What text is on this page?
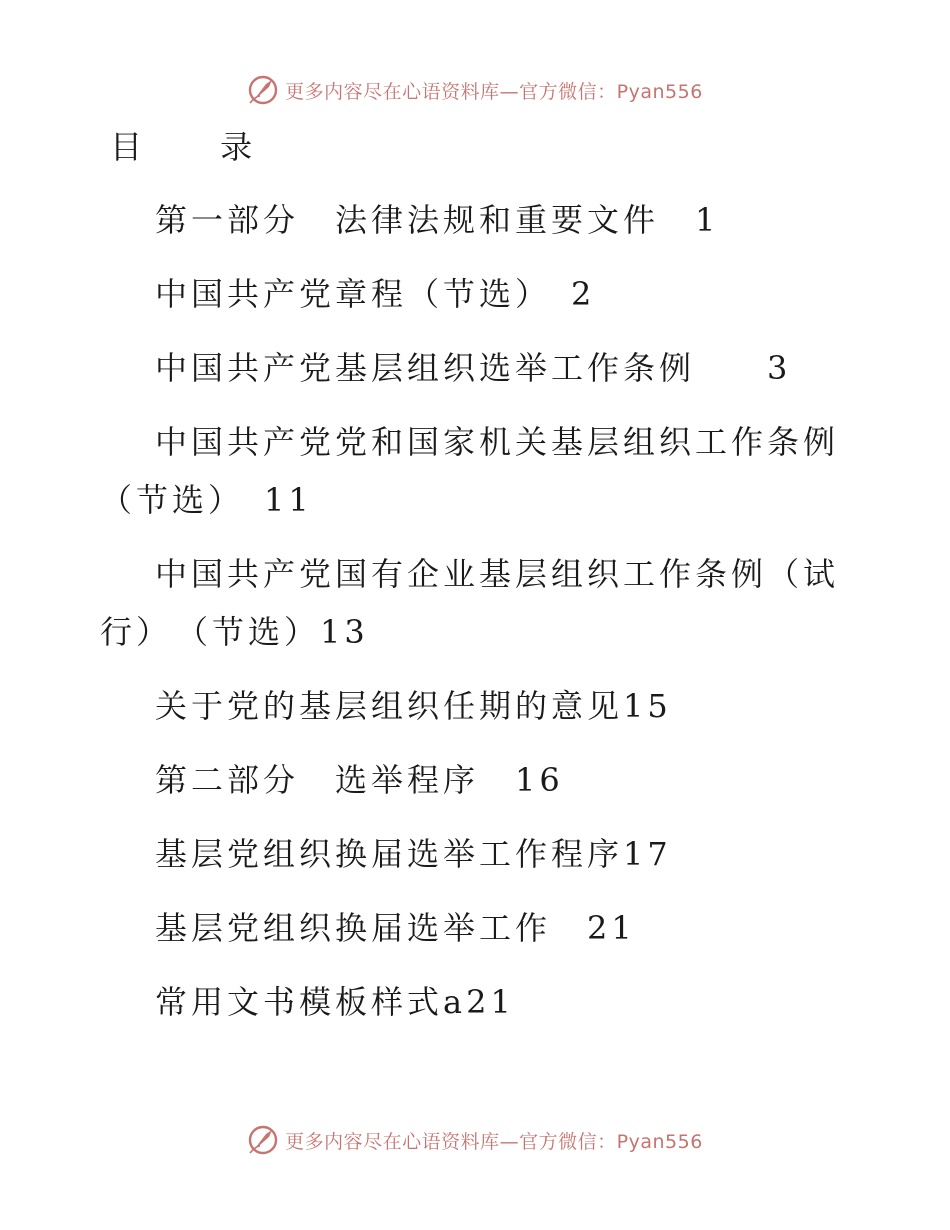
更多内容尽在心语资料库—官方微信：Pyan556
目 录
第一部分　法律法规和重要文件　1
中国共产党章程（节选）　2
中国共产党基层组织选举工作条例　　3
中国共产党党和国家机关基层组织工作条例
（节选）　11
中国共产党国有企业基层组织工作条例（试
行）　（节选）13
关于党的基层组织任期的意见15
第二部分　选举程序　16
基层党组织换届选举工作程序17
基层党组织换届选举工作　21
常用文书模板样式a21
更多内容尽在心语资料库—官方微信：Pyan556
